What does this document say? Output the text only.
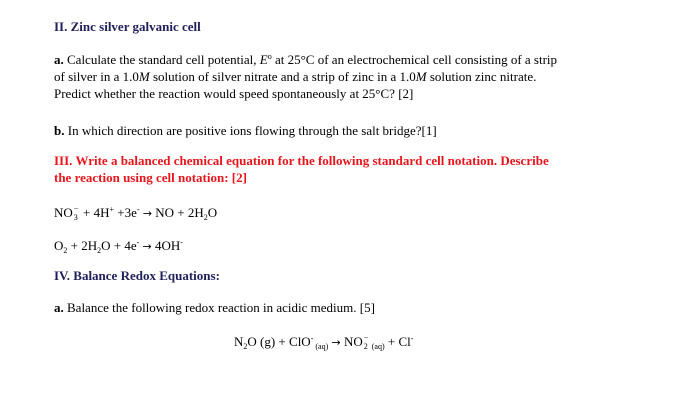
II. Zinc silver galvanic cell
a. Calculate the standard cell potential, $E^o$ at 25°C of an electrochemical cell consisting of a strip
of silver in a 1.0M solution of silver nitrate and a strip of zinc in a 1.0M solution zinc nitrate.
Predict whether the reaction would speed spontaneously at 25°C? [2]
b. In which direction are positive ions flowing through the salt bridge?[1]
III. Write a balanced chemical equation for the following standard cell notation. Describe
the reaction using cell notation: [2]
NO −
3 + 4H+ +3e- → NO + $2H_2O$
$O_2 + 2H_2O + 4e^- \to 4OH^-$
IV. Balance Redox Equations:
a. Balance the following redox reaction in acidic medium. [5]
$N_2O$ (g) + ClO- $_{(aq)}$ → NO −
2 $_{(aq)}$ + Cl-
